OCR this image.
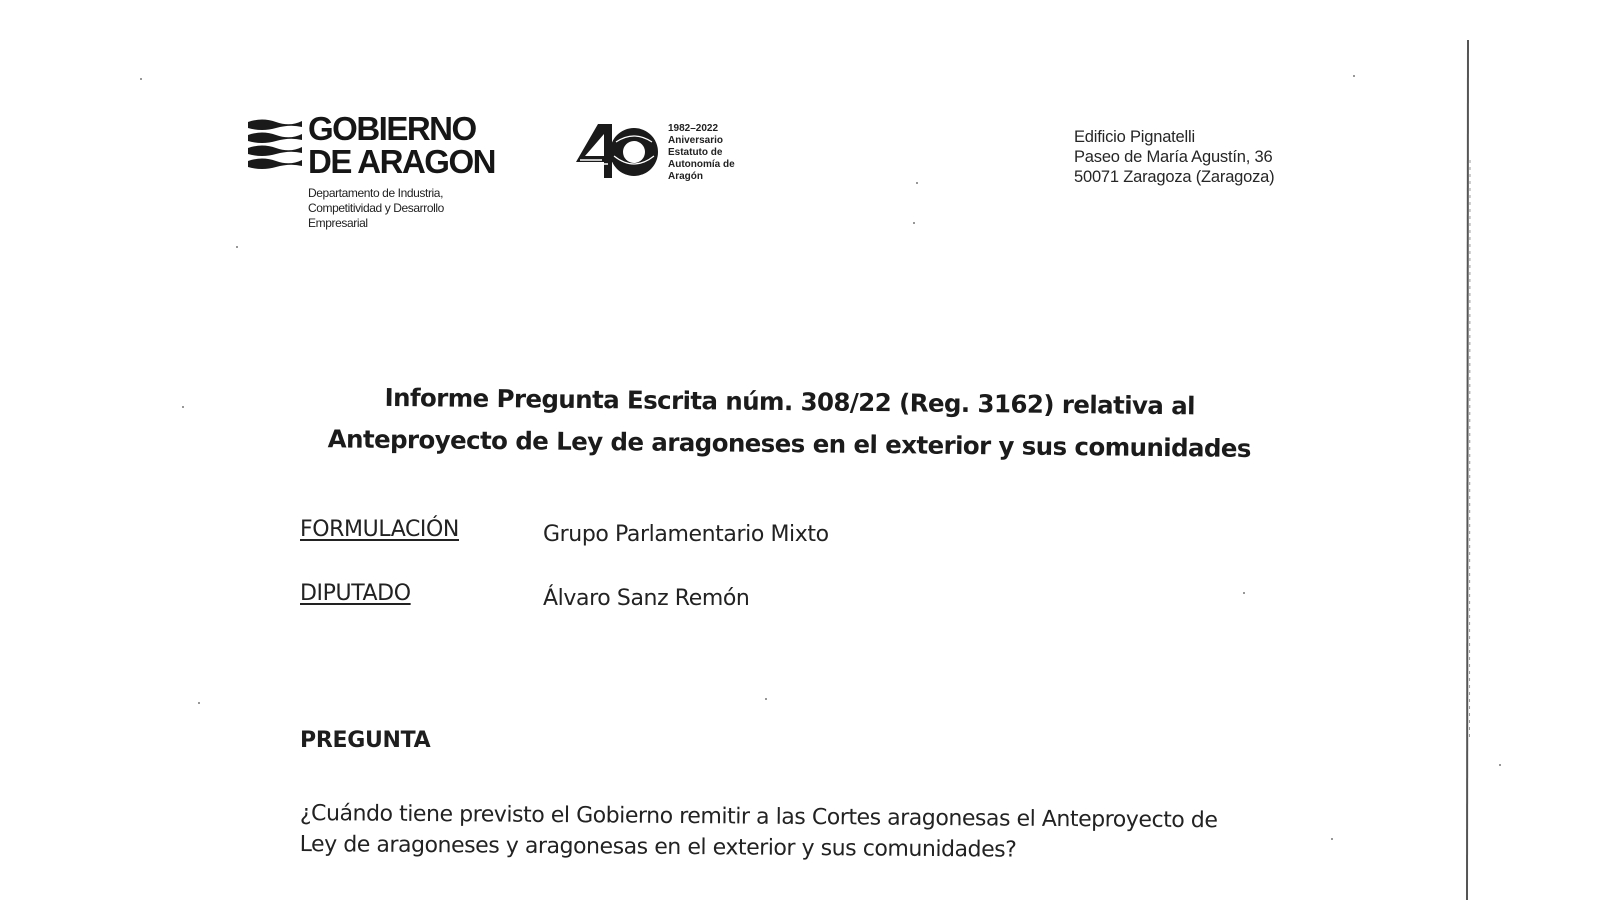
GOBIERNO
DE ARAGON
Departamento de Industria,
Competitividad y Desarrollo
Empresarial
1982–2022
Aniversario
Estatuto de
Autonomía de
Aragón
Edificio Pignatelli
Paseo de María Agustín, 36
50071 Zaragoza (Zaragoza)
Informe Pregunta Escrita núm. 308/22 (Reg. 3162) relativa al
Anteproyecto de Ley de aragoneses en el exterior y sus comunidades
FORMULACIÓN	Grupo Parlamentario Mixto
DIPUTADO	Álvaro Sanz Remón
PREGUNTA
¿Cuándo tiene previsto el Gobierno remitir a las Cortes aragonesas el Anteproyecto de
Ley de aragoneses y aragonesas en el exterior y sus comunidades?
